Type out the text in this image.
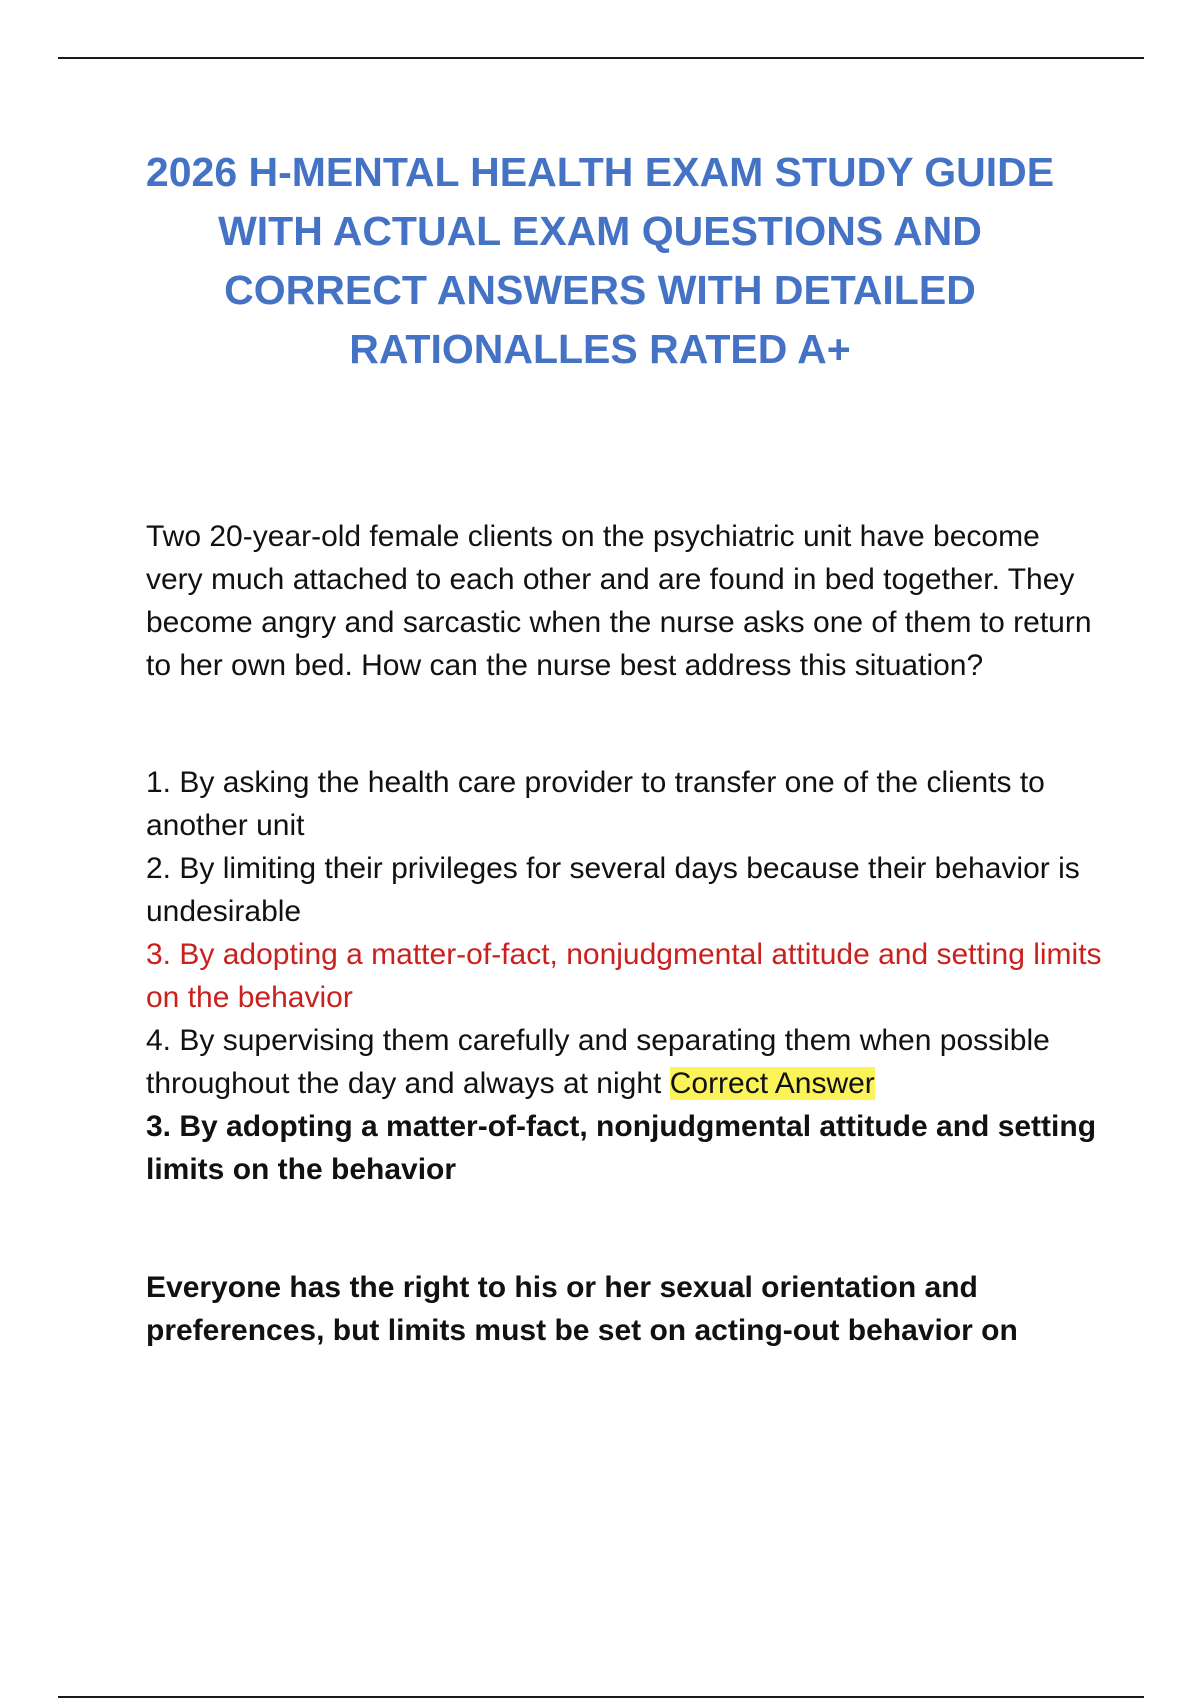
2026 H-MENTAL HEALTH EXAM STUDY GUIDE WITH ACTUAL EXAM QUESTIONS AND CORRECT ANSWERS WITH DETAILED RATIONALLES RATED A+

Two 20-year-old female clients on the psychiatric unit have become very much attached to each other and are found in bed together. They become angry and sarcastic when the nurse asks one of them to return to her own bed. How can the nurse best address this situation?

1. By asking the health care provider to transfer one of the clients to another unit

2. By limiting their privileges for several days because their behavior is undesirable

3. By adopting a matter-of-fact, nonjudgmental attitude and setting limits on the behavior

4. By supervising them carefully and separating them when possible throughout the day and always at night Correct Answer

3. By adopting a matter-of-fact, nonjudgmental attitude and setting limits on the behavior

Everyone has the right to his or her sexual orientation and preferences, but limits must be set on acting-out behavior on
